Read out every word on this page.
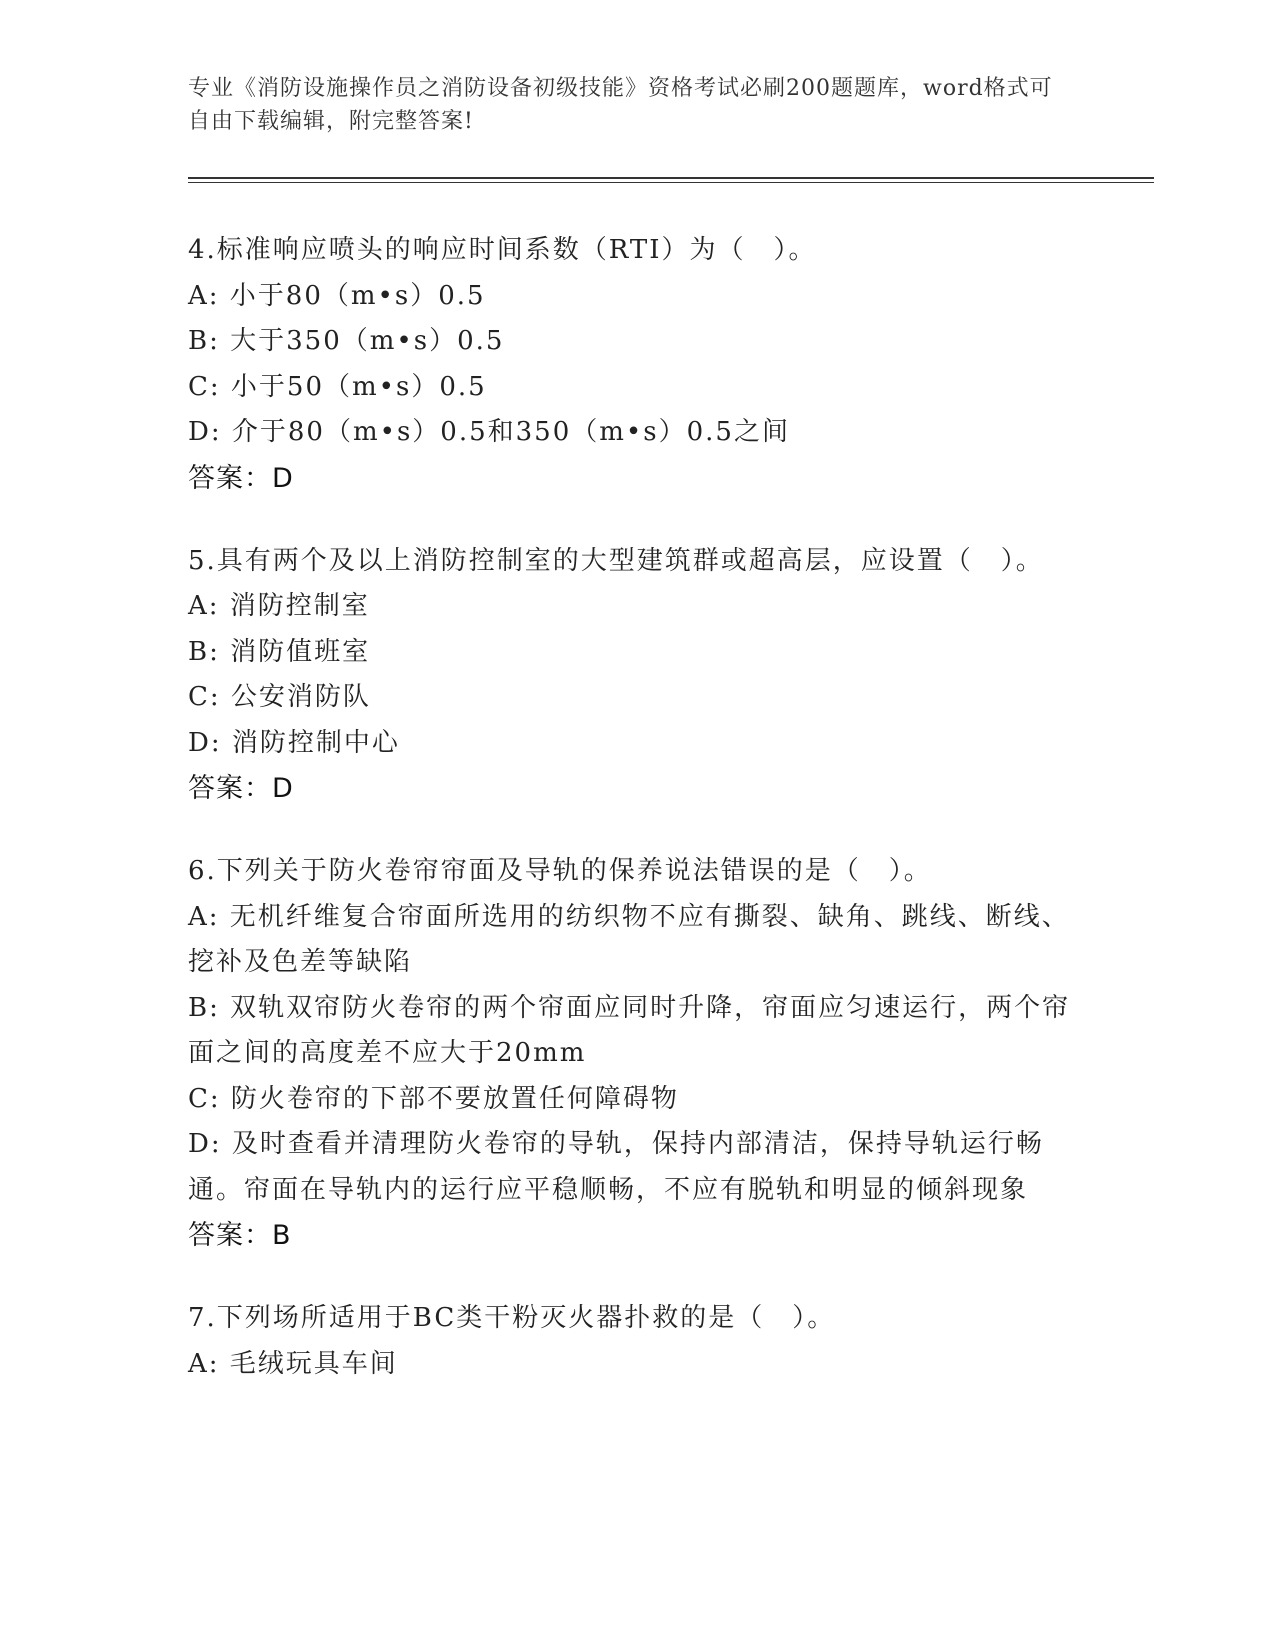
专业《消防设施操作员之消防设备初级技能》资格考试必刷200题题库，word格式可自由下载编辑，附完整答案!
4.标准响应喷头的响应时间系数（RTI）为（　）。
A: 小于80（m•s）0.5
B: 大于350（m•s）0.5
C: 小于50（m•s）0.5
D: 介于80（m•s）0.5和350（m•s）0.5之间
答案：D
5.具有两个及以上消防控制室的大型建筑群或超高层，应设置（　）。
A: 消防控制室
B: 消防值班室
C: 公安消防队
D: 消防控制中心
答案：D
6.下列关于防火卷帘帘面及导轨的保养说法错误的是（　）。
A: 无机纤维复合帘面所选用的纺织物不应有撕裂、缺角、跳线、断线、挖补及色差等缺陷
B: 双轨双帘防火卷帘的两个帘面应同时升降，帘面应匀速运行，两个帘面之间的高度差不应大于20mm
C: 防火卷帘的下部不要放置任何障碍物
D: 及时查看并清理防火卷帘的导轨，保持内部清洁，保持导轨运行畅通。帘面在导轨内的运行应平稳顺畅，不应有脱轨和明显的倾斜现象
答案：B
7.下列场所适用于BC类干粉灭火器扑救的是（　）。
A: 毛绒玩具车间
